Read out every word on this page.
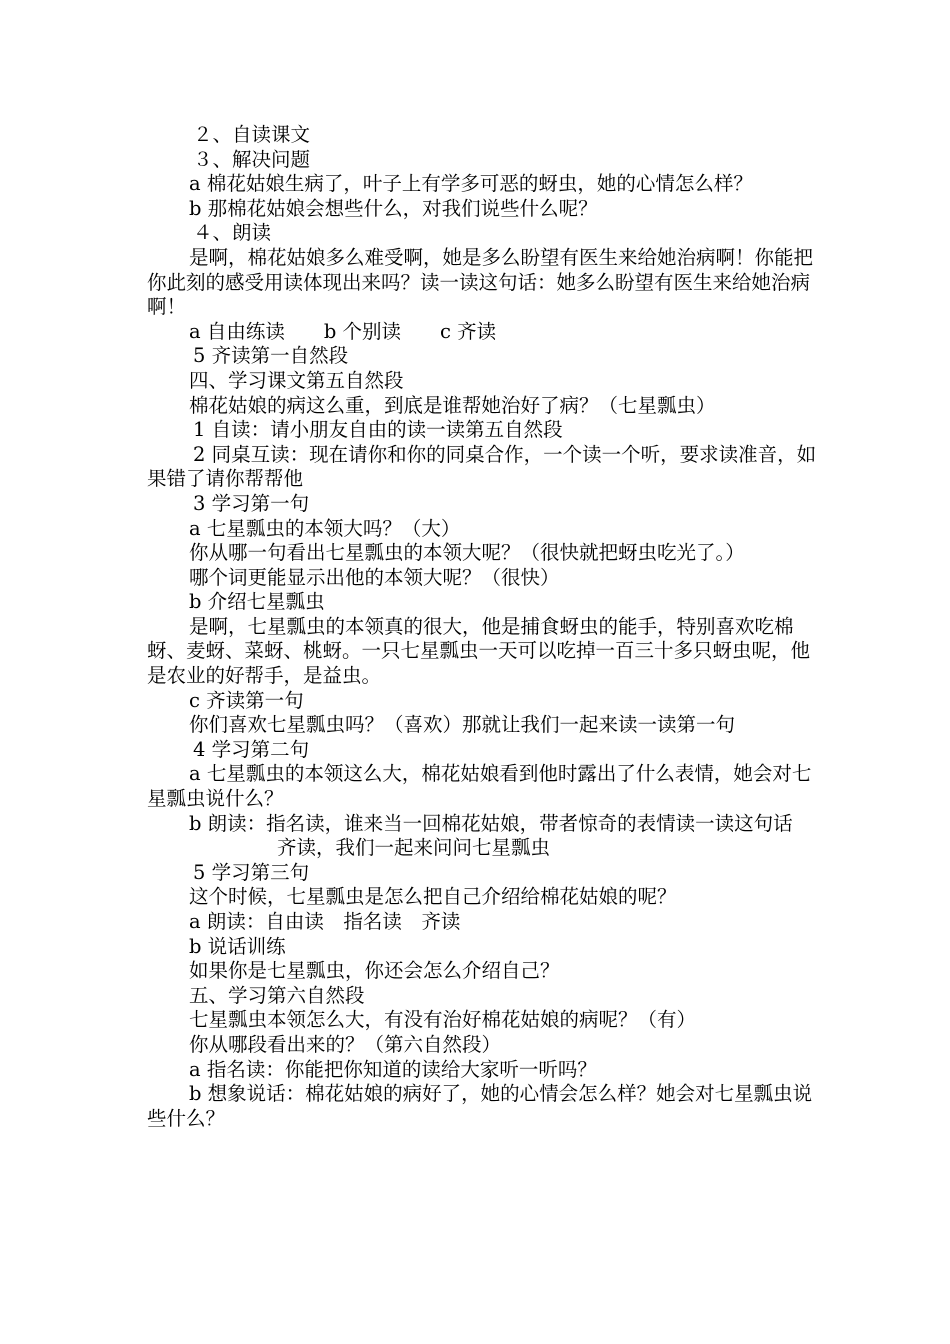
２、自读课文

３、解决问题

a 棉花姑娘生病了，叶子上有学多可恶的蚜虫，她的心情怎么样？

b 那棉花姑娘会想些什么，对我们说些什么呢？

４、朗读

是啊，棉花姑娘多么难受啊，她是多么盼望有医生来给她治病啊！你能把你此刻的感受用读体现出来吗？读一读这句话：她多么盼望有医生来给她治病啊！

a 自由练读　　b 个别读　　c 齐读

5 齐读第一自然段

四、学习课文第五自然段

棉花姑娘的病这么重，到底是谁帮她治好了病？（七星瓢虫）

1 自读：请小朋友自由的读一读第五自然段

2 同桌互读：现在请你和你的同桌合作，一个读一个听，要求读准音，如果错了请你帮帮他

3 学习第一句

a 七星瓢虫的本领大吗？（大）

你从哪一句看出七星瓢虫的本领大呢？（很快就把蚜虫吃光了。）

哪个词更能显示出他的本领大呢？（很快）

b 介绍七星瓢虫

是啊，七星瓢虫的本领真的很大，他是捕食蚜虫的能手，特别喜欢吃棉蚜、麦蚜、菜蚜、桃蚜。一只七星瓢虫一天可以吃掉一百三十多只蚜虫呢，他是农业的好帮手，是益虫。

c 齐读第一句

你们喜欢七星瓢虫吗？（喜欢）那就让我们一起来读一读第一句

4 学习第二句

a 七星瓢虫的本领这么大，棉花姑娘看到他时露出了什么表情，她会对七星瓢虫说什么？

b 朗读：指名读，谁来当一回棉花姑娘，带者惊奇的表情读一读这句话

齐读，我们一起来问问七星瓢虫

5 学习第三句

这个时候，七星瓢虫是怎么把自己介绍给棉花姑娘的呢？

a 朗读：自由读　指名读　齐读

b 说话训练

如果你是七星瓢虫，你还会怎么介绍自己？

五、学习第六自然段

七星瓢虫本领怎么大，有没有治好棉花姑娘的病呢？（有）

你从哪段看出来的？（第六自然段）

a 指名读：你能把你知道的读给大家听一听吗？

b 想象说话：棉花姑娘的病好了，她的心情会怎么样？她会对七星瓢虫说些什么？
